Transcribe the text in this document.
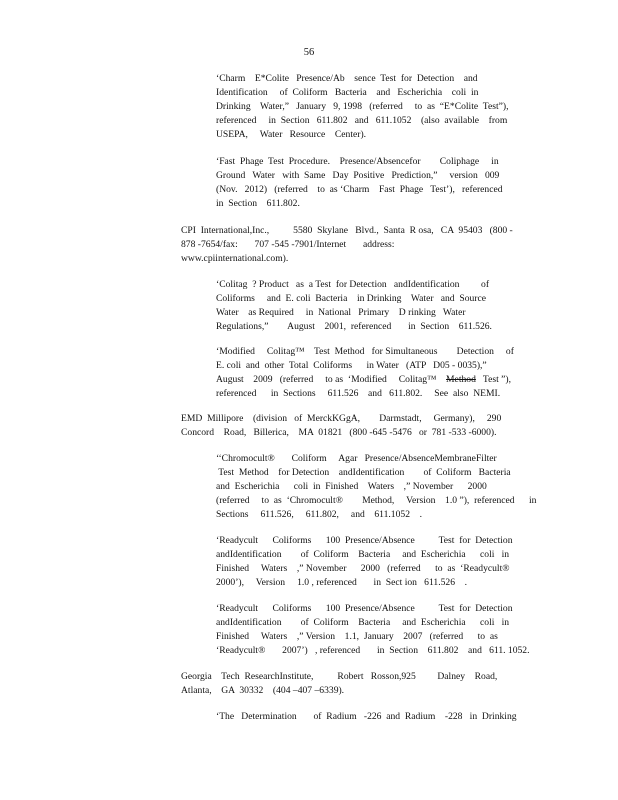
56
‘Charm    E*Colite   Presence/Ab    sence  Test  for  Detection    and
Identification     of  Coliform   Bacteria    and   Escherichia    coli  in
Drinking    Water,”   January   9, 1998   (referred     to  as  “E*Colite  Test”),
referenced     in  Section   611.802   and   611.1052    (also  available    from
USEPA,     Water   Resource    Center).
‘Fast  Phage  Test  Procedure.    Presence/Absencefor        Coliphage     in
Ground   Water   with  Same   Day  Positive   Prediction,”     version   009
(Nov.   2012)   (referred    to  as ‘Charm    Fast  Phage   Test’),   referenced
in  Section    611.802.
CPI  International,Inc.,          5580  Skylane   Blvd.,  Santa  R osa,   CA  95403   (800 -
878 -7654/fax:       707 -545 -7901/Internet       address:
www.cpiinternational.com).
‘Colitag  ? Product   as  a Test  for Detection   andIdentification         of
Coliforms     and  E. coli  Bacteria    in Drinking    Water   and  Source
Water    as Required     in  National   Primary    D rinking   Water
Regulations,”        August    2001,  referenced       in  Section    611.526.
‘Modified     Colitag™    Test  Method   for Simultaneous        Detection     of
E. coli  and  other  Total  Coliforms      in Water   (ATP   D05 - 0035),”
August    2009   (referred     to as  ‘Modified     Colitag™    Method   Test ”),
referenced      in  Sections     611.526    and   611.802.     See  also  NEMI.
EMD  Millipore    (division   of  MerckKGgA,        Darmstadt,     Germany),     290
Concord    Road,   Billerica,    MA  01821   (800 -645 -5476   or  781 -533 -6000).
‘‘Chromocult®       Coliform     Agar   Presence/AbsenceMembraneFilter
Test  Method    for Detection    andIdentification        of  Coliform   Bacteria
and  Escherichia      coli  in  Finished    Waters    ,” November      2000
(referred     to  as  ‘Chromocult®        Method,     Version    1.0 ”),  referenced      in
Sections     611.526,     611.802,     and    611.1052    .
‘Readycult      Coliforms      100  Presence/Absence          Test  for  Detection
andIdentification        of  Coliform    Bacteria     and  Escherichia      coli   in
Finished     Waters    ,” November      2000   (referred      to  as  ‘Readycult®
2000’),     Version     1.0 , referenced       in  Sect ion   611.526    .
‘Readycult      Coliforms      100  Presence/Absence          Test  for  Detection
andIdentification        of  Coliform    Bacteria     and  Escherichia      coli   in
Finished     Waters    ,” Version    1.1,  January    2007   (referred      to  as
‘Readycult®       2007’)   , referenced       in  Section    611.802    and   611. 1052.
Georgia    Tech  ResearchInstitute,          Robert   Rosson,925         Dalney    Road,
Atlanta,    GA  30332    (404 –407 –6339).
‘The   Determination       of  Radium   -226  and  Radium    -228   in  Drinking
